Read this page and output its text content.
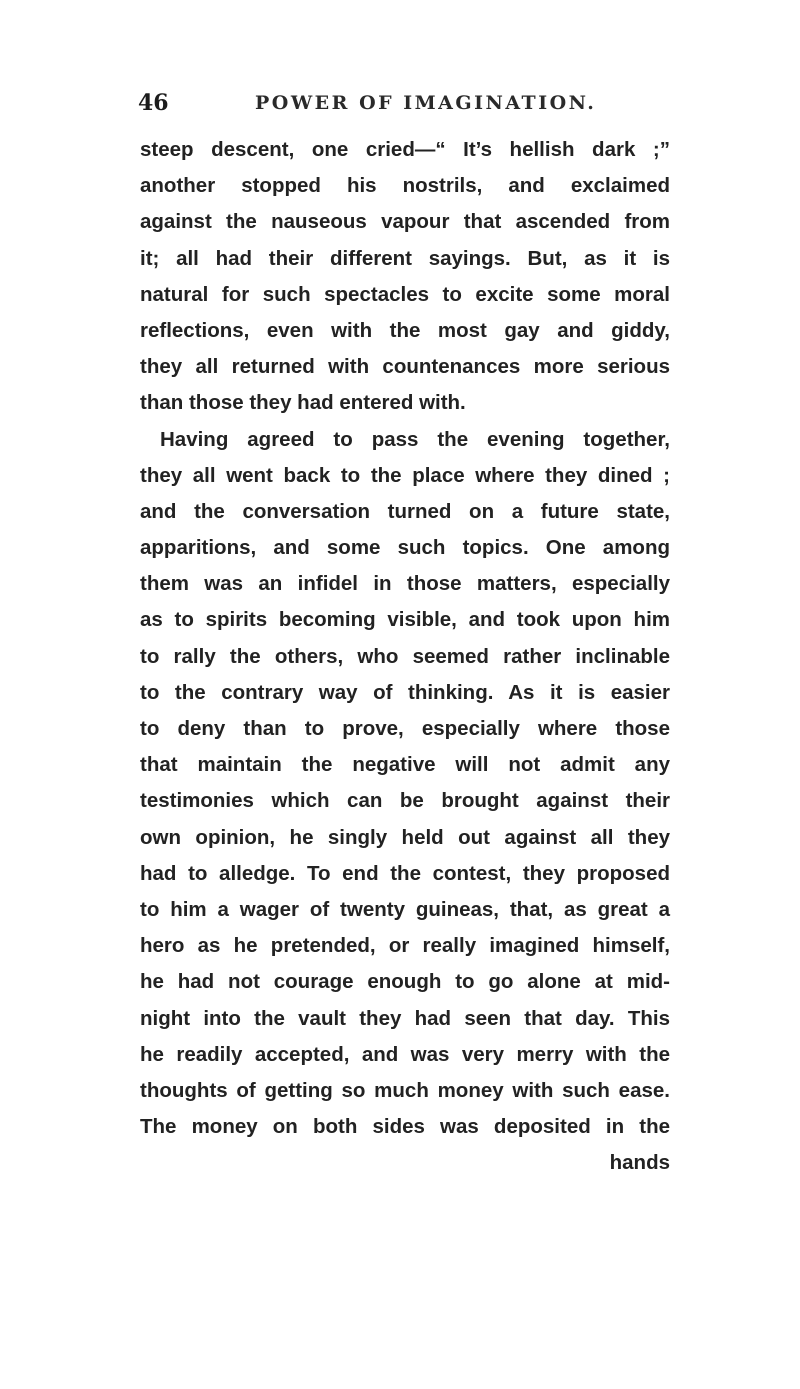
46	POWER OF IMAGINATION.
steep descent, one cried—“ It’s hellish dark ;”
another stopped his nostrils, and exclaimed
against the nauseous vapour that ascended from
it; all had their different sayings. But, as it is
natural for such spectacles to excite some moral
reflections, even with the most gay and giddy,
they all returned with countenances more serious
than those they had entered with.
Having agreed to pass the evening together,
they all went back to the place where they dined ;
and the conversation turned on a future state,
apparitions, and some such topics. One among
them was an infidel in those matters, especially
as to spirits becoming visible, and took upon him
to rally the others, who seemed rather inclinable
to the contrary way of thinking. As it is easier
to deny than to prove, especially where those
that maintain the negative will not admit any
testimonies which can be brought against their
own opinion, he singly held out against all they
had to alledge. To end the contest, they proposed
to him a wager of twenty guineas, that, as great a
hero as he pretended, or really imagined himself,
he had not courage enough to go alone at mid-
night into the vault they had seen that day. This
he readily accepted, and was very merry with the
thoughts of getting so much money with such ease.
The money on both sides was deposited in the
hands
